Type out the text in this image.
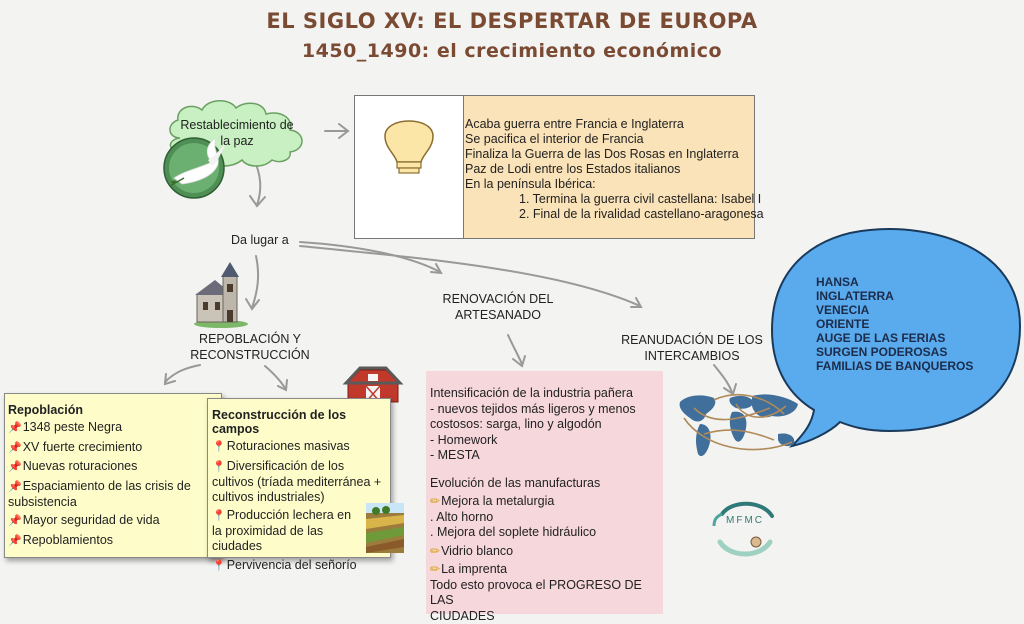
EL SIGLO XV: EL DESPERTAR DE EUROPA
1450_1490: el crecimiento económico
Restablecimiento de
la paz
Acaba guerra entre Francia e Inglaterra
Se pacifica el interior de Francia
Finaliza la Guerra de las Dos Rosas en Inglaterra
Paz de Lodi entre los Estados italianos
En la península Ibérica:
1. Termina la guerra civil castellana: Isabel I
2. Final de la rivalidad castellano-aragonesa
Da lugar a
REPOBLACIÓN Y
RECONSTRUCCIÓN
RENOVACIÓN DEL
ARTESANADO
REANUDACIÓN DE LOS
INTERCAMBIOS
Repoblación
📌1348 peste Negra
📌XV fuerte crecimiento
📌Nuevas roturaciones
📌Espaciamiento de las crisis de subsistencia
📌Mayor seguridad de vida
📌Repoblamientos
Reconstrucción de los campos
📍Roturaciones masivas
📍Diversificación de los cultivos (tríada mediterránea + cultivos industriales)
📍Producción lechera en la proximidad de las ciudades
📍Pervivencia del señorío
Intensificación de la industria pañera
- nuevos tejidos más ligeros y menos
costosos: sarga, lino y algodón
- Homework
- MESTA
Evolución de las manufacturas
✏Mejora la metalurgia
. Alto horno
. Mejora del soplete hidráulico
✏Vidrio blanco
✏La imprenta
Todo esto provoca el PROGRESO DE LAS
CIUDADES
HANSA
INGLATERRA
VENECIA
ORIENTE
AUGE DE LAS FERIAS
SURGEN PODEROSAS
FAMILIAS DE BANQUEROS
MFMC
